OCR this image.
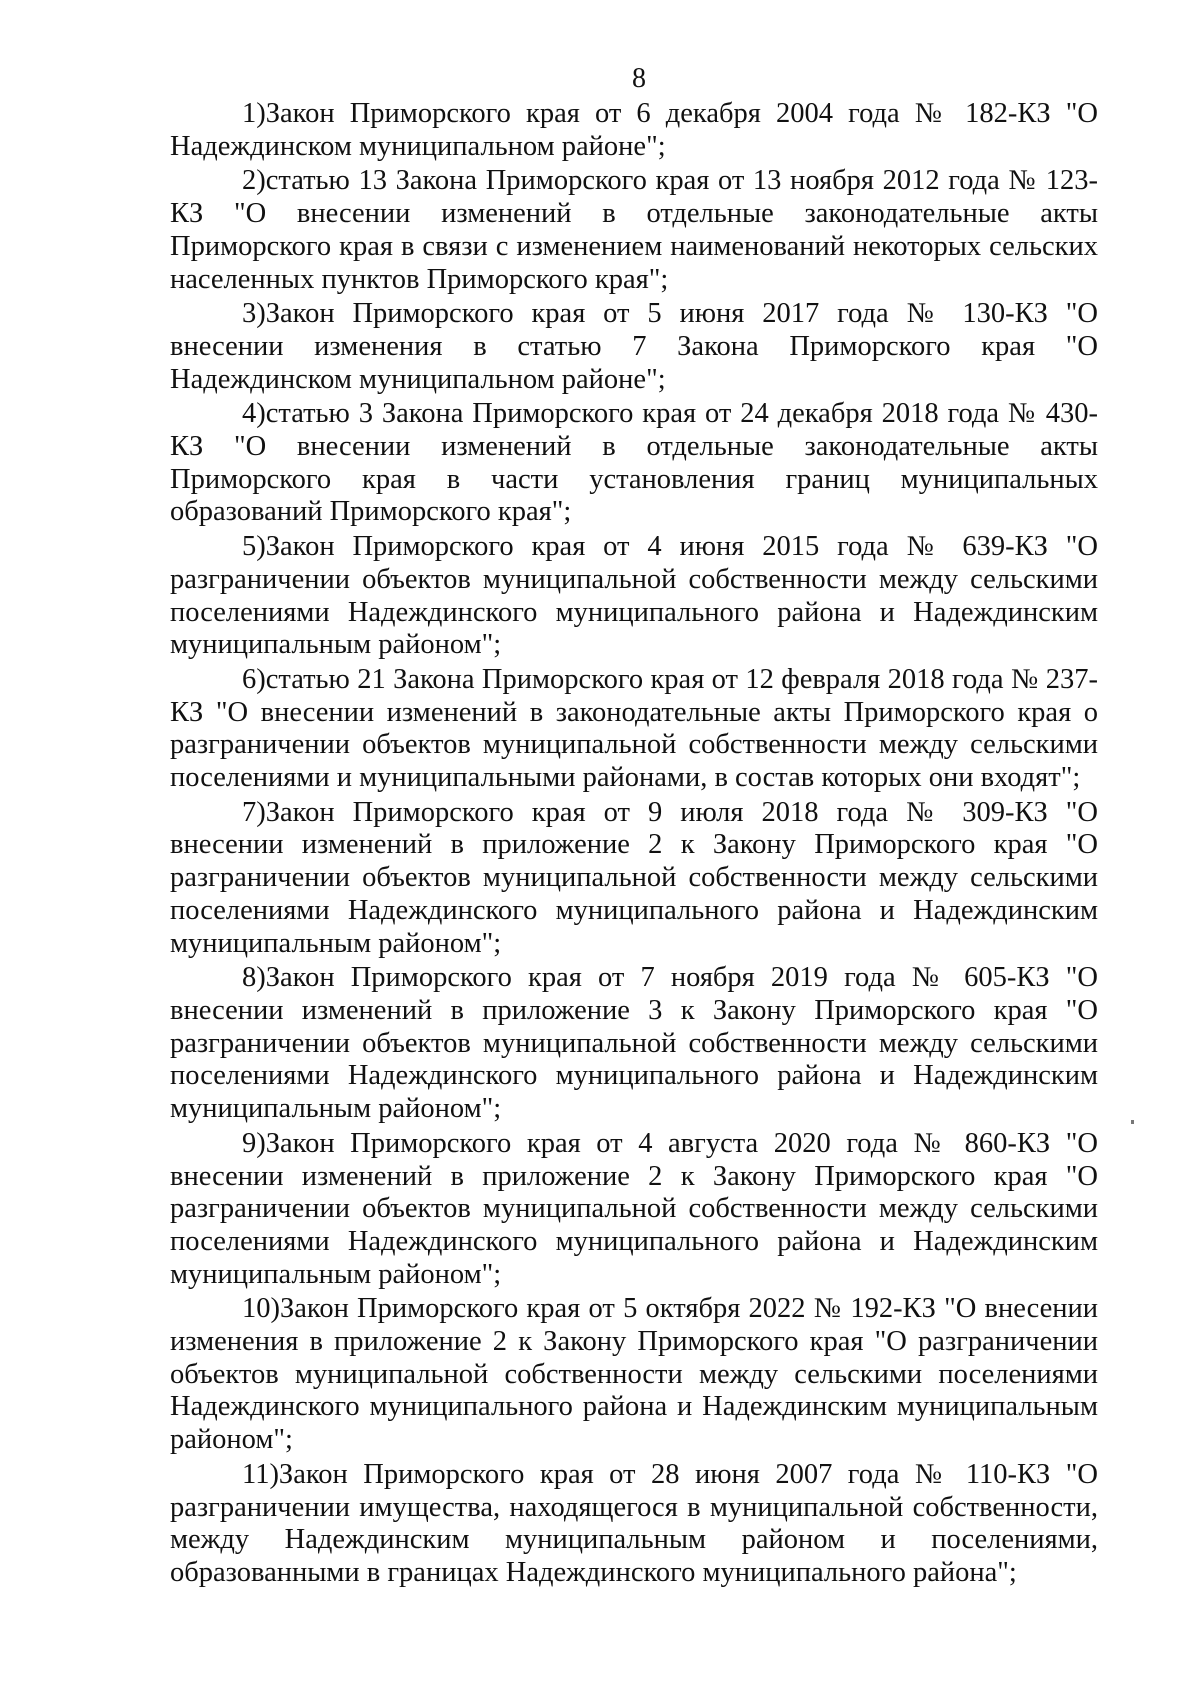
8

1)Закон Приморского края от 6 декабря 2004 года № 182-КЗ "О Надеждинском муниципальном районе";

2)статью 13 Закона Приморского края от 13 ноября 2012 года № 123-КЗ "О внесении изменений в отдельные законодательные акты Приморского края в связи с изменением наименований некоторых сельских населенных пунктов Приморского края";

3)Закон Приморского края от 5 июня 2017 года № 130-КЗ "О внесении изменения в статью 7 Закона Приморского края "О Надеждинском муниципальном районе";

4)статью 3 Закона Приморского края от 24 декабря 2018 года № 430-КЗ "О внесении изменений в отдельные законодательные акты Приморского края в части установления границ муниципальных образований Приморского края";

5)Закон Приморского края от 4 июня 2015 года № 639-КЗ "О разграничении объектов муниципальной собственности между сельскими поселениями Надеждинского муниципального района и Надеждинским муниципальным районом";

6)статью 21 Закона Приморского края от 12 февраля 2018 года № 237-КЗ "О внесении изменений в законодательные акты Приморского края о разграничении объектов муниципальной собственности между сельскими поселениями и муниципальными районами, в состав которых они входят";

7)Закон Приморского края от 9 июля 2018 года № 309-КЗ "О внесении изменений в приложение 2 к Закону Приморского края "О разграничении объектов муниципальной собственности между сельскими поселениями Надеждинского муниципального района и Надеждинским муниципальным районом";

8)Закон Приморского края от 7 ноября 2019 года № 605-КЗ "О внесении изменений в приложение 3 к Закону Приморского края "О разграничении объектов муниципальной собственности между сельскими поселениями Надеждинского муниципального района и Надеждинским муниципальным районом";

9)Закон Приморского края от 4 августа 2020 года № 860-КЗ "О внесении изменений в приложение 2 к Закону Приморского края "О разграничении объектов муниципальной собственности между сельскими поселениями Надеждинского муниципального района и Надеждинским муниципальным районом";

10)Закон Приморского края от 5 октября 2022 № 192-КЗ "О внесении изменения в приложение 2 к Закону Приморского края "О разграничении объектов муниципальной собственности между сельскими поселениями Надеждинского муниципального района и Надеждинским муниципальным районом";

11)Закон Приморского края от 28 июня 2007 года № 110-КЗ "О разграничении имущества, находящегося в муниципальной собственности, между Надеждинским муниципальным районом и поселениями, образованными в границах Надеждинского муниципального района";
